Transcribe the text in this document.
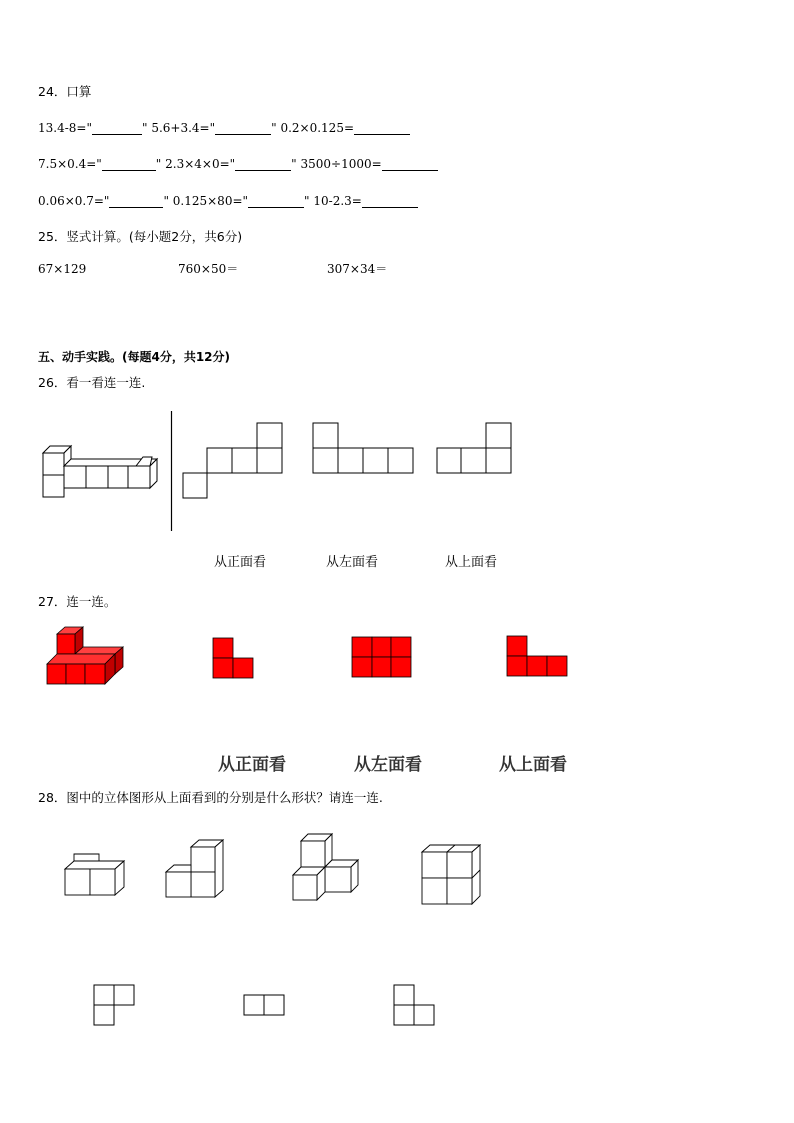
24．口算
13.4-8="	" 5.6+3.4="	" 0.2×0.125=
7.5×0.4="	" 2.3×4×0="	" 3500÷1000=
0.06×0.7="	" 0.125×80="	" 10-2.3=
25．竖式计算。(每小题2分，共6分)
67×129	760×50＝	307×34＝
五、动手实践。(每题4分，共12分)
26．看一看连一连.
从正面看	从左面看	从上面看
27．连一连。
从正面看	从左面看	从上面看
28．图中的立体图形从上面看到的分别是什么形状？请连一连.
